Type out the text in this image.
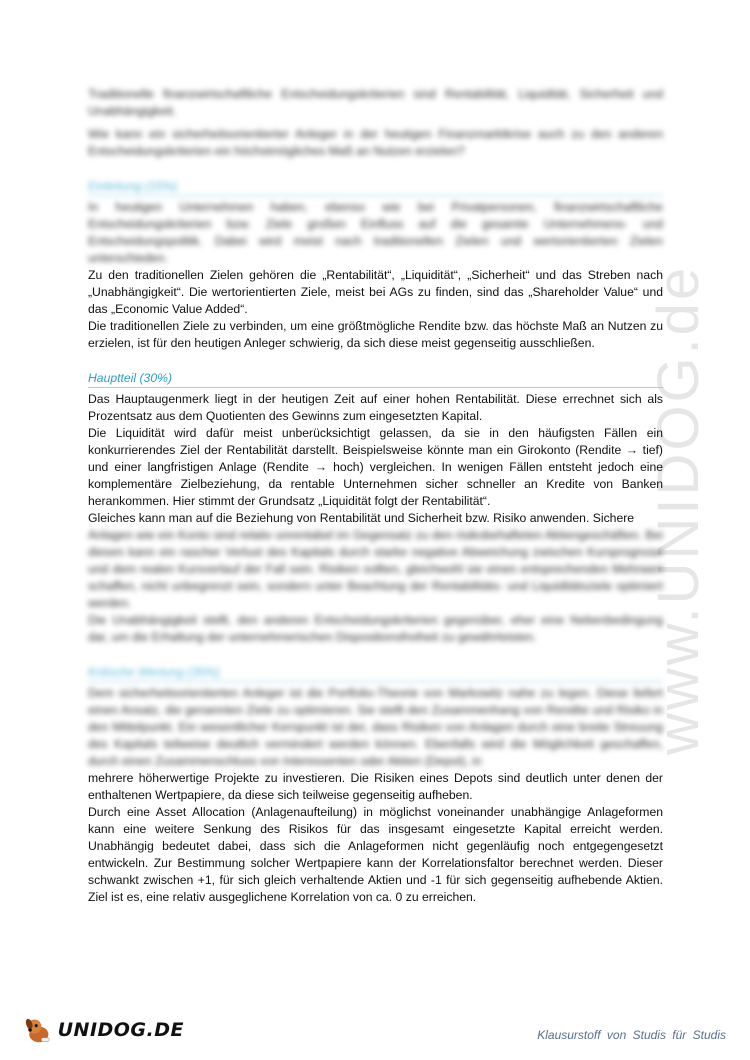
www.UNIDOG.de

Traditionelle finanzwirtschaftliche Entscheidungskriterien sind Rentabilität, Liquidität, Sicherheit und Unabhängigkeit.

Wie kann ein sicherheitsorientierter Anleger in der heutigen Finanzmarktkrise auch zu den anderen Entscheidungskriterien ein höchstmögliches Maß an Nutzen erzielen?

Einleitung (15%)

In heutigen Unternehmen haben, ebenso wie bei Privatpersonen, finanzwirtschaftliche Entscheidungskriterien bzw. Ziele großen Einfluss auf die gesamte Unternehmens- und Entscheidungspolitik. Dabei wird meist nach traditionellen Zielen und wertorientierten Zielen unterschieden.

Zu den traditionellen Zielen gehören die „Rentabilität“, „Liquidität“, „Sicherheit“ und das Streben nach „Unabhängigkeit“. Die wertorientierten Ziele, meist bei AGs zu finden, sind das „Shareholder Value“ und das „Economic Value Added“.

Die traditionellen Ziele zu verbinden, um eine größtmögliche Rendite bzw. das höchste Maß an Nutzen zu erzielen, ist für den heutigen Anleger schwierig, da sich diese meist gegenseitig ausschließen.

Hauptteil (30%)

Das Hauptaugenmerk liegt in der heutigen Zeit auf einer hohen Rentabilität. Diese errechnet sich als Prozentsatz aus dem Quotienten des Gewinns zum eingesetzten Kapital.

Die Liquidität wird dafür meist unberücksichtigt gelassen, da sie in den häufigsten Fällen ein konkurrierendes Ziel der Rentabilität darstellt. Beispielsweise könnte man ein Girokonto (Rendite → tief) und einer langfristigen Anlage (Rendite → hoch) vergleichen. In wenigen Fällen entsteht jedoch eine komplementäre Zielbeziehung, da rentable Unternehmen sicher schneller an Kredite von Banken herankommen. Hier stimmt der Grundsatz „Liquidität folgt der Rentabilität“.

Gleiches kann man auf die Beziehung von Rentabilität und Sicherheit bzw. Risiko anwenden. Sichere

Anlagen wie ein Konto sind relativ unrentabel im Gegensatz zu den risikobehafteten Aktiengeschäften. Bei diesen kann ein rascher Verlust des Kapitals durch starke negative Abweichung zwischen Kursprognose und dem realen Kursverlauf der Fall sein. Risiken sollten, gleichwohl sie einen entsprechenden Mehrwert schaffen, nicht unbegrenzt sein, sondern unter Beachtung der Rentabilitäts- und Liquiditätsziele optimiert werden.

Die Unabhängigkeit stellt, den anderen Entscheidungskriterien gegenüber, eher eine Nebenbedingung dar, um die Erhaltung der unternehmerischen Dispositionsfreiheit zu gewährleisten.

Kritische Wertung (35%)

Dem sicherheitsorientierten Anleger ist die Portfolio-Theorie von Markowitz nahe zu legen. Diese liefert einen Ansatz, die genannten Ziele zu optimieren. Sie stellt den Zusammenhang von Rendite und Risiko in den Mittelpunkt. Ein wesentlicher Kernpunkt ist der, dass Risiken von Anlagen durch eine breite Streuung des Kapitals teilweise deutlich vermindert werden können. Ebenfalls wird die Möglichkeit geschaffen, durch einen Zusammenschluss von Interessenten oder Aktien (Depot), in

mehrere höherwertige Projekte zu investieren. Die Risiken eines Depots sind deutlich unter denen der enthaltenen Wertpapiere, da diese sich teilweise gegenseitig aufheben.

Durch eine Asset Allocation (Anlagenaufteilung) in möglichst voneinander unabhängige Anlageformen kann eine weitere Senkung des Risikos für das insgesamt eingesetzte Kapital erreicht werden. Unabhängig bedeutet dabei, dass sich die Anlageformen nicht gegenläufig noch entgegengesetzt entwickeln. Zur Bestimmung solcher Wertpapiere kann der Korrelationsfaltor berechnet werden. Dieser schwankt zwischen +1, für sich gleich verhaltende Aktien und -1 für sich gegenseitig aufhebende Aktien. Ziel ist es, eine relativ ausgeglichene Korrelation von ca. 0 zu erreichen.

UNIDOG.DE	Klausurstoff von Studis für Studis
